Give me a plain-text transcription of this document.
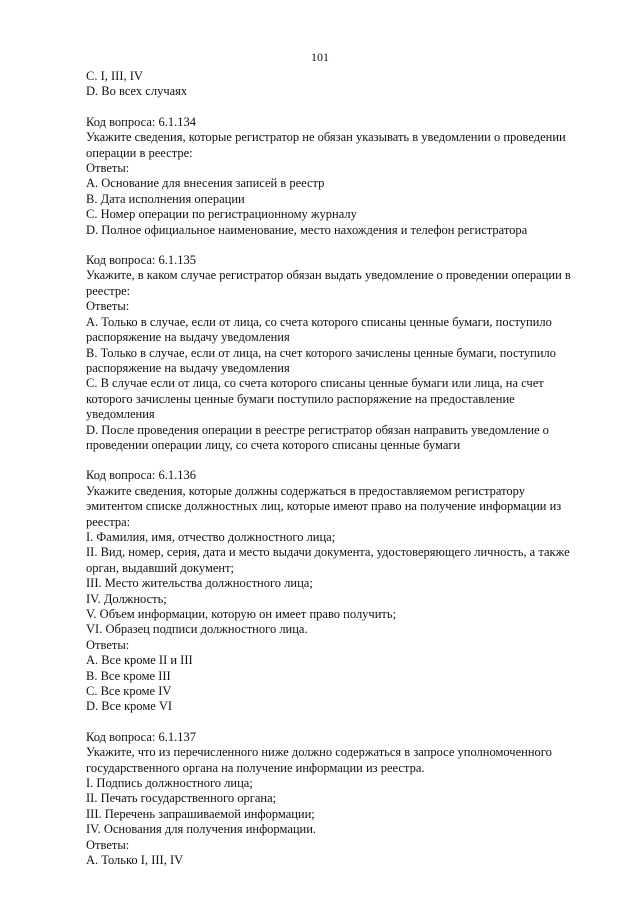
101
C. I, III, IV
D. Во всех случаях
Код вопроса: 6.1.134
Укажите сведения, которые регистратор не обязан указывать в уведомлении о проведении
операции в реестре:
Ответы:
A. Основание для внесения записей в реестр
B. Дата исполнения операции
C. Номер операции по регистрационному журналу
D. Полное официальное наименование, место нахождения и телефон регистратора
Код вопроса: 6.1.135
Укажите, в каком случае регистратор обязан выдать уведомление о проведении операции в
реестре:
Ответы:
A. Только в случае, если от лица, со счета которого списаны ценные бумаги, поступило
распоряжение на выдачу уведомления
B. Только в случае, если от лица, на счет которого зачислены ценные бумаги, поступило
распоряжение на выдачу уведомления
C. В случае если от лица, со счета которого списаны ценные бумаги или лица, на счет
которого зачислены ценные бумаги поступило распоряжение на предоставление
уведомления
D. После проведения операции в реестре регистратор обязан направить уведомление о
проведении операции лицу, со счета которого списаны ценные бумаги
Код вопроса: 6.1.136
Укажите сведения, которые должны содержаться в предоставляемом регистратору
эмитентом списке должностных лиц, которые имеют право на получение информации из
реестра:
I. Фамилия, имя, отчество должностного лица;
II. Вид, номер, серия, дата и место выдачи документа, удостоверяющего личность, а также
орган, выдавший документ;
III. Место жительства должностного лица;
IV. Должность;
V. Объем информации, которую он имеет право получить;
VI. Образец подписи должностного лица.
Ответы:
A. Все кроме II и III
B. Все кроме III
C. Все кроме IV
D. Все кроме VI
Код вопроса: 6.1.137
Укажите, что из перечисленного ниже должно содержаться в запросе уполномоченного
государственного органа на получение информации из реестра.
I. Подпись должностного лица;
II. Печать государственного органа;
III. Перечень запрашиваемой информации;
IV. Основания для получения информации.
Ответы:
A. Только I, III, IV
